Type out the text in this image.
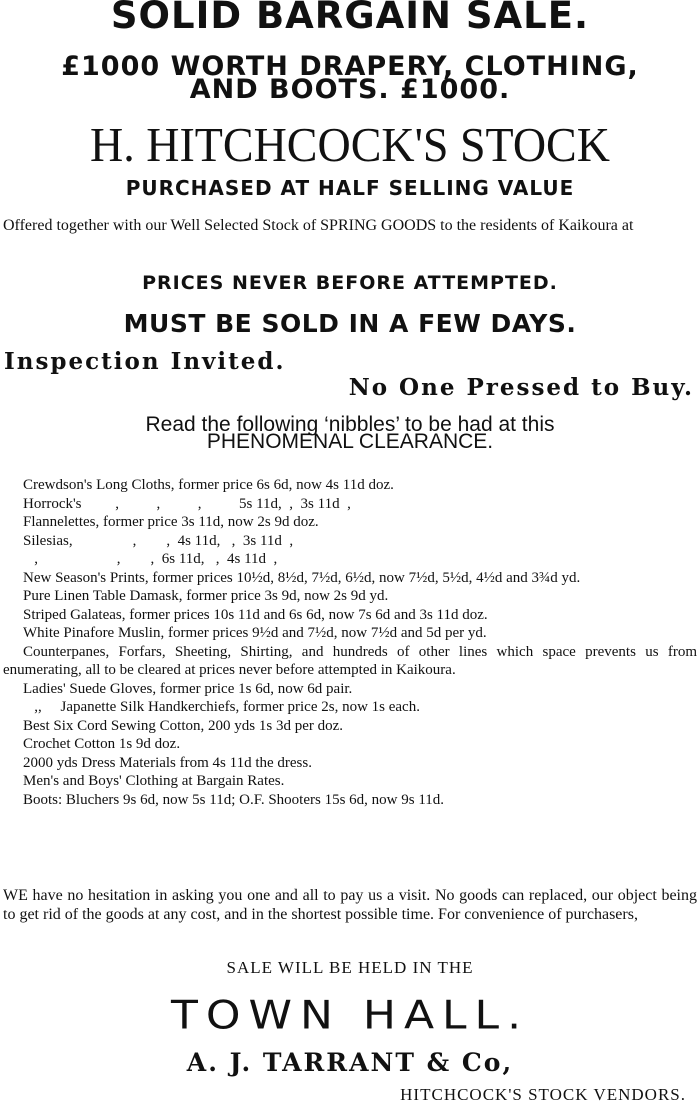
SOLID BARGAIN SALE.
£1000 WORTH DRAPERY, CLOTHING,
AND BOOTS. £1000.
H. HITCHCOCK'S STOCK
PURCHASED AT HALF SELLING VALUE
Offered together with our Well Selected Stock of SPRING GOODS to the residents of Kaikoura at
PRICES NEVER BEFORE ATTEMPTED.
MUST BE SOLD IN A FEW DAYS.
Inspection Invited.
No One Pressed to Buy.
Read the following ‘nibbles’ to be had at this
PHENOMENAL CLEARANCE.
Crewdson's Long Cloths, former price 6s 6d, now 4s 11d doz.
Horrock's         ,          ,          ,          5s 11d,  ,  3s 11d  ,
Flannelettes, former price 3s 11d, now 2s 9d doz.
Silesias,                ,        ,  4s 11d,   ,  3s 11d  ,
,                     ,        ,  6s 11d,   ,  4s 11d  ,
New Season's Prints, former prices 10½d, 8½d, 7½d, 6½d, now 7½d, 5½d, 4½d and 3¾d yd.
Pure Linen Table Damask, former price 3s 9d, now 2s 9d yd.
Striped Galateas, former prices 10s 11d and 6s 6d, now 7s 6d and 3s 11d doz.
White Pinafore Muslin, former prices 9½d and 7½d, now 7½d and 5d per yd.
Counterpanes, Forfars, Sheeting, Shirting, and hundreds of other lines which space prevents us from enumerating, all to be cleared at prices never before attempted in Kaikoura.
Ladies' Suede Gloves, former price 1s 6d, now 6d pair.
,,     Japanette Silk Handkerchiefs, former price 2s, now 1s each.
Best Six Cord Sewing Cotton, 200 yds 1s 3d per doz.
Crochet Cotton 1s 9d doz.
2000 yds Dress Materials from 4s 11d the dress.
Men's and Boys' Clothing at Bargain Rates.
Boots: Bluchers 9s 6d, now 5s 11d; O.F. Shooters 15s 6d, now 9s 11d.
WE have no hesitation in asking you one and all to pay us a visit. No goods can replaced, our object being to get rid of the goods at any cost, and in the shortest possible time. For convenience of purchasers,
SALE WILL BE HELD IN THE
TOWN HALL.
A. J. TARRANT & Co,
HITCHCOCK'S STOCK VENDORS.
